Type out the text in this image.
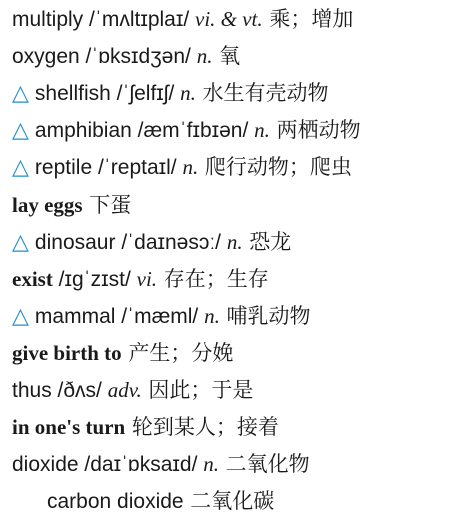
multiply /ˈmʌltɪplaɪ/ vi. & vt. 乘；增加
oxygen /ˈɒksɪdʒən/ n. 氧
△ shellfish /ˈʃelfɪʃ/ n. 水生有壳动物
△ amphibian /æmˈfɪbɪən/ n. 两栖动物
△ reptile /ˈreptaɪl/ n. 爬行动物；爬虫
lay eggs 下蛋
△ dinosaur /ˈdaɪnəsɔː/ n. 恐龙
exist /ɪɡˈzɪst/ vi. 存在；生存
△ mammal /ˈmæml/ n. 哺乳动物
give birth to 产生；分娩
thus /ðʌs/ adv. 因此；于是
in one's turn 轮到某人；接着
dioxide /daɪˈɒksaɪd/ n. 二氧化物
carbon dioxide 二氧化碳
